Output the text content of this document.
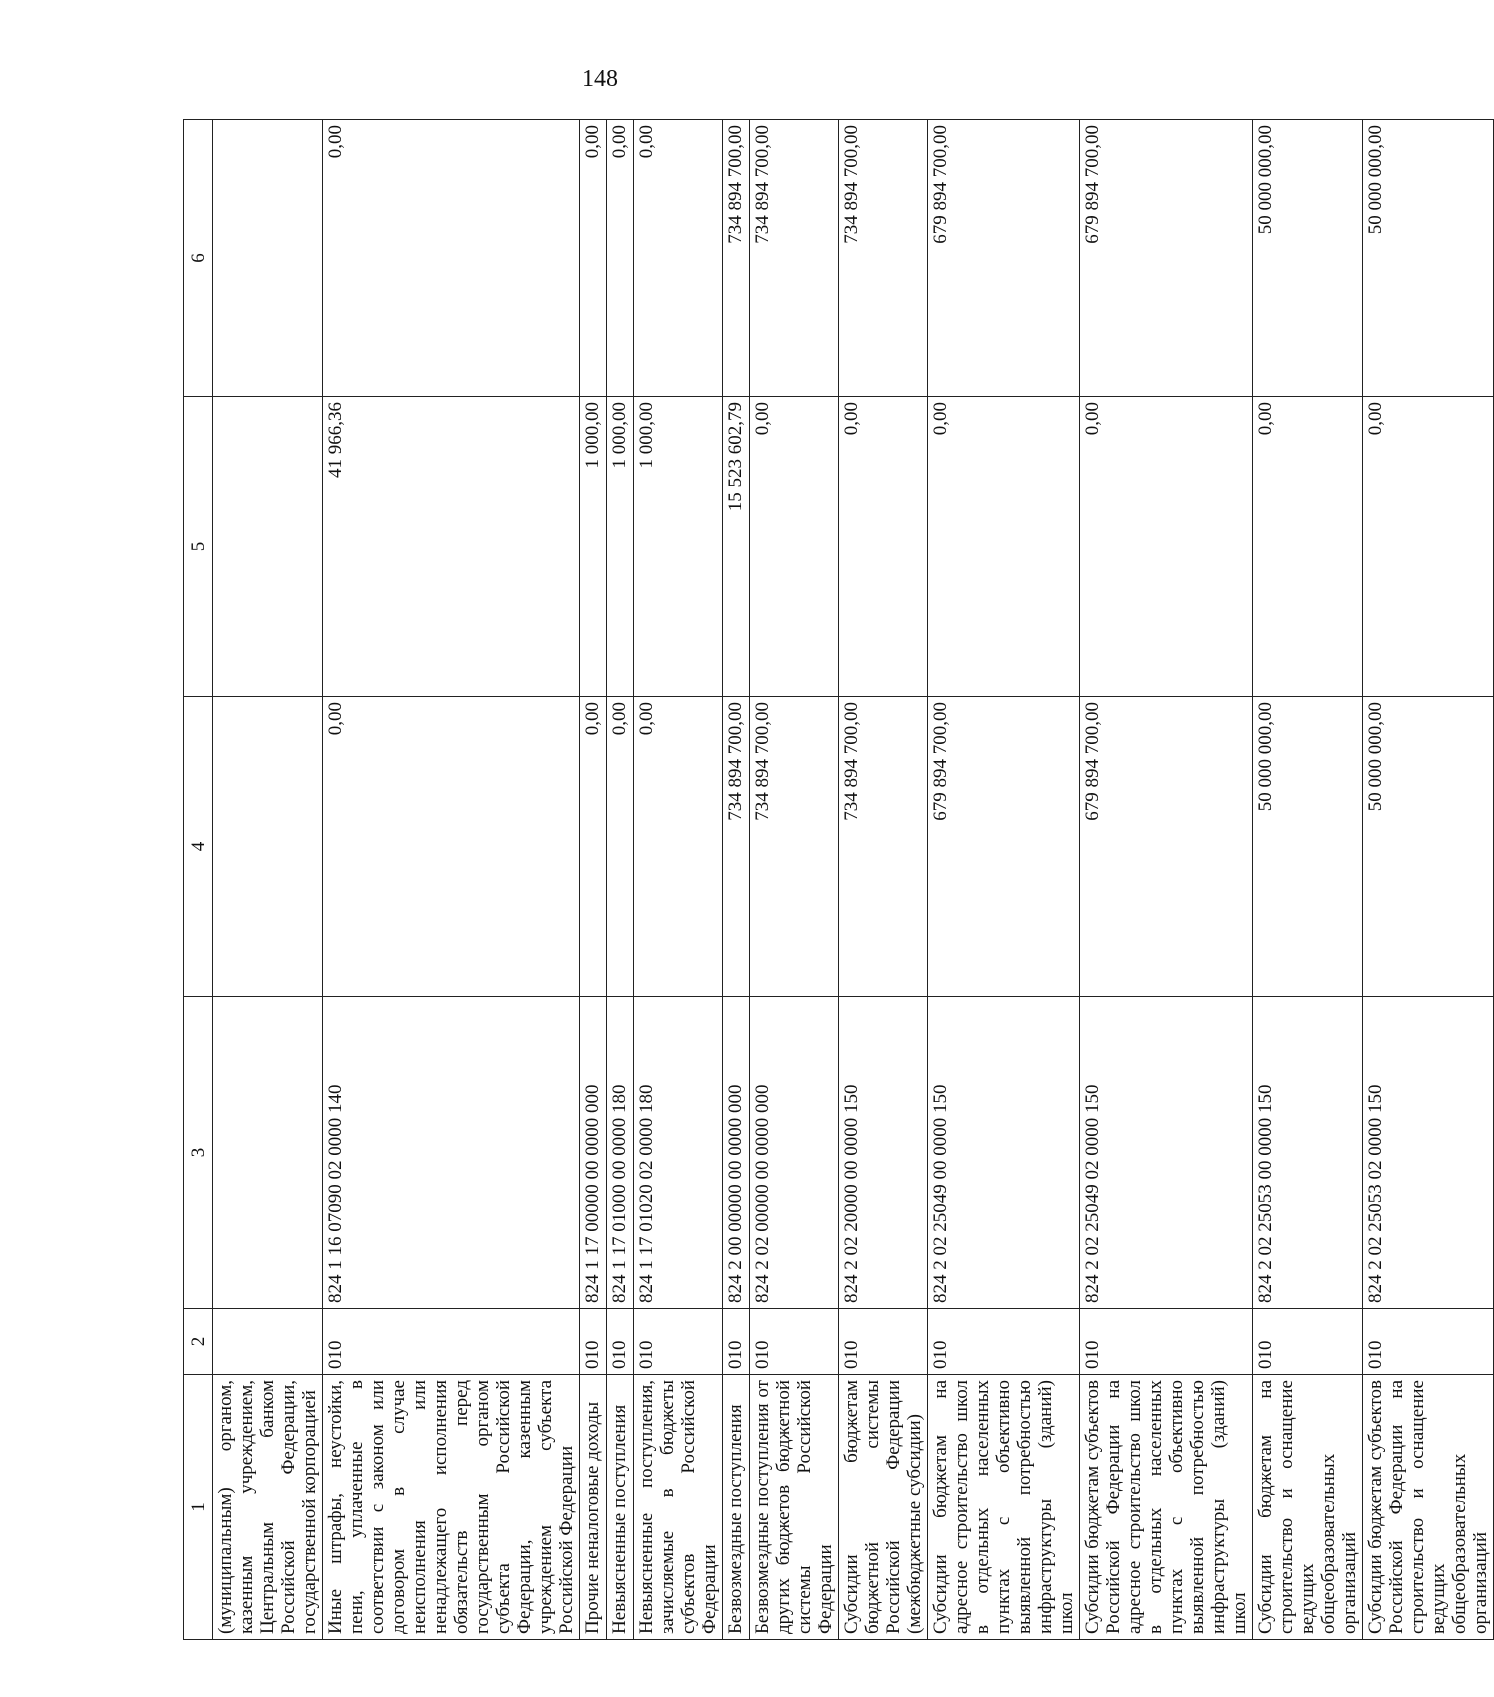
148
1	2	3	4	5	6
(муниципальным) органом, казенным учреждением, Центральным банком Российской Федерации, государственной корпорацией					
Иные штрафы, неустойки, пени, уплаченные в соответствии с законом или договором в случае неисполнения или ненадлежащего исполнения обязательств перед государственным органом субъекта Российской Федерации, казенным учреждением субъекта Российской Федерации	010	824 1 16 07090 02 0000 140	0,00	41 966,36	0,00
Прочие неналоговые доходы	010	824 1 17 00000 00 0000 000	0,00	1 000,00	0,00
Невыясненные поступления	010	824 1 17 01000 00 0000 180	0,00	1 000,00	0,00
Невыясненные поступления, зачисляемые в бюджеты субъектов Российской Федерации	010	824 1 17 01020 02 0000 180	0,00	1 000,00	0,00
Безвозмездные поступления	010	824 2 00 00000 00 0000 000	734 894 700,00	15 523 602,79	734 894 700,00
Безвозмездные поступления от других бюджетов бюджетной системы Российской Федерации	010	824 2 02 00000 00 0000 000	734 894 700,00	0,00	734 894 700,00
Субсидии бюджетам бюджетной системы Российской Федерации (межбюджетные субсидии)	010	824 2 02 20000 00 0000 150	734 894 700,00	0,00	734 894 700,00
Субсидии бюджетам на адресное строительство школ в отдельных населенных пунктах с объективно выявленной потребностью инфраструктуры (зданий) школ	010	824 2 02 25049 00 0000 150	679 894 700,00	0,00	679 894 700,00
Субсидии бюджетам субъектов Российской Федерации на адресное строительство школ в отдельных населенных пунктах с объективно выявленной потребностью инфраструктуры (зданий) школ	010	824 2 02 25049 02 0000 150	679 894 700,00	0,00	679 894 700,00
Субсидии бюджетам на строительство и оснащение ведущих общеобразовательных организаций	010	824 2 02 25053 00 0000 150	50 000 000,00	0,00	50 000 000,00
Субсидии бюджетам субъектов Российской Федерации на строительство и оснащение ведущих общеобразовательных организаций	010	824 2 02 25053 02 0000 150	50 000 000,00	0,00	50 000 000,00
